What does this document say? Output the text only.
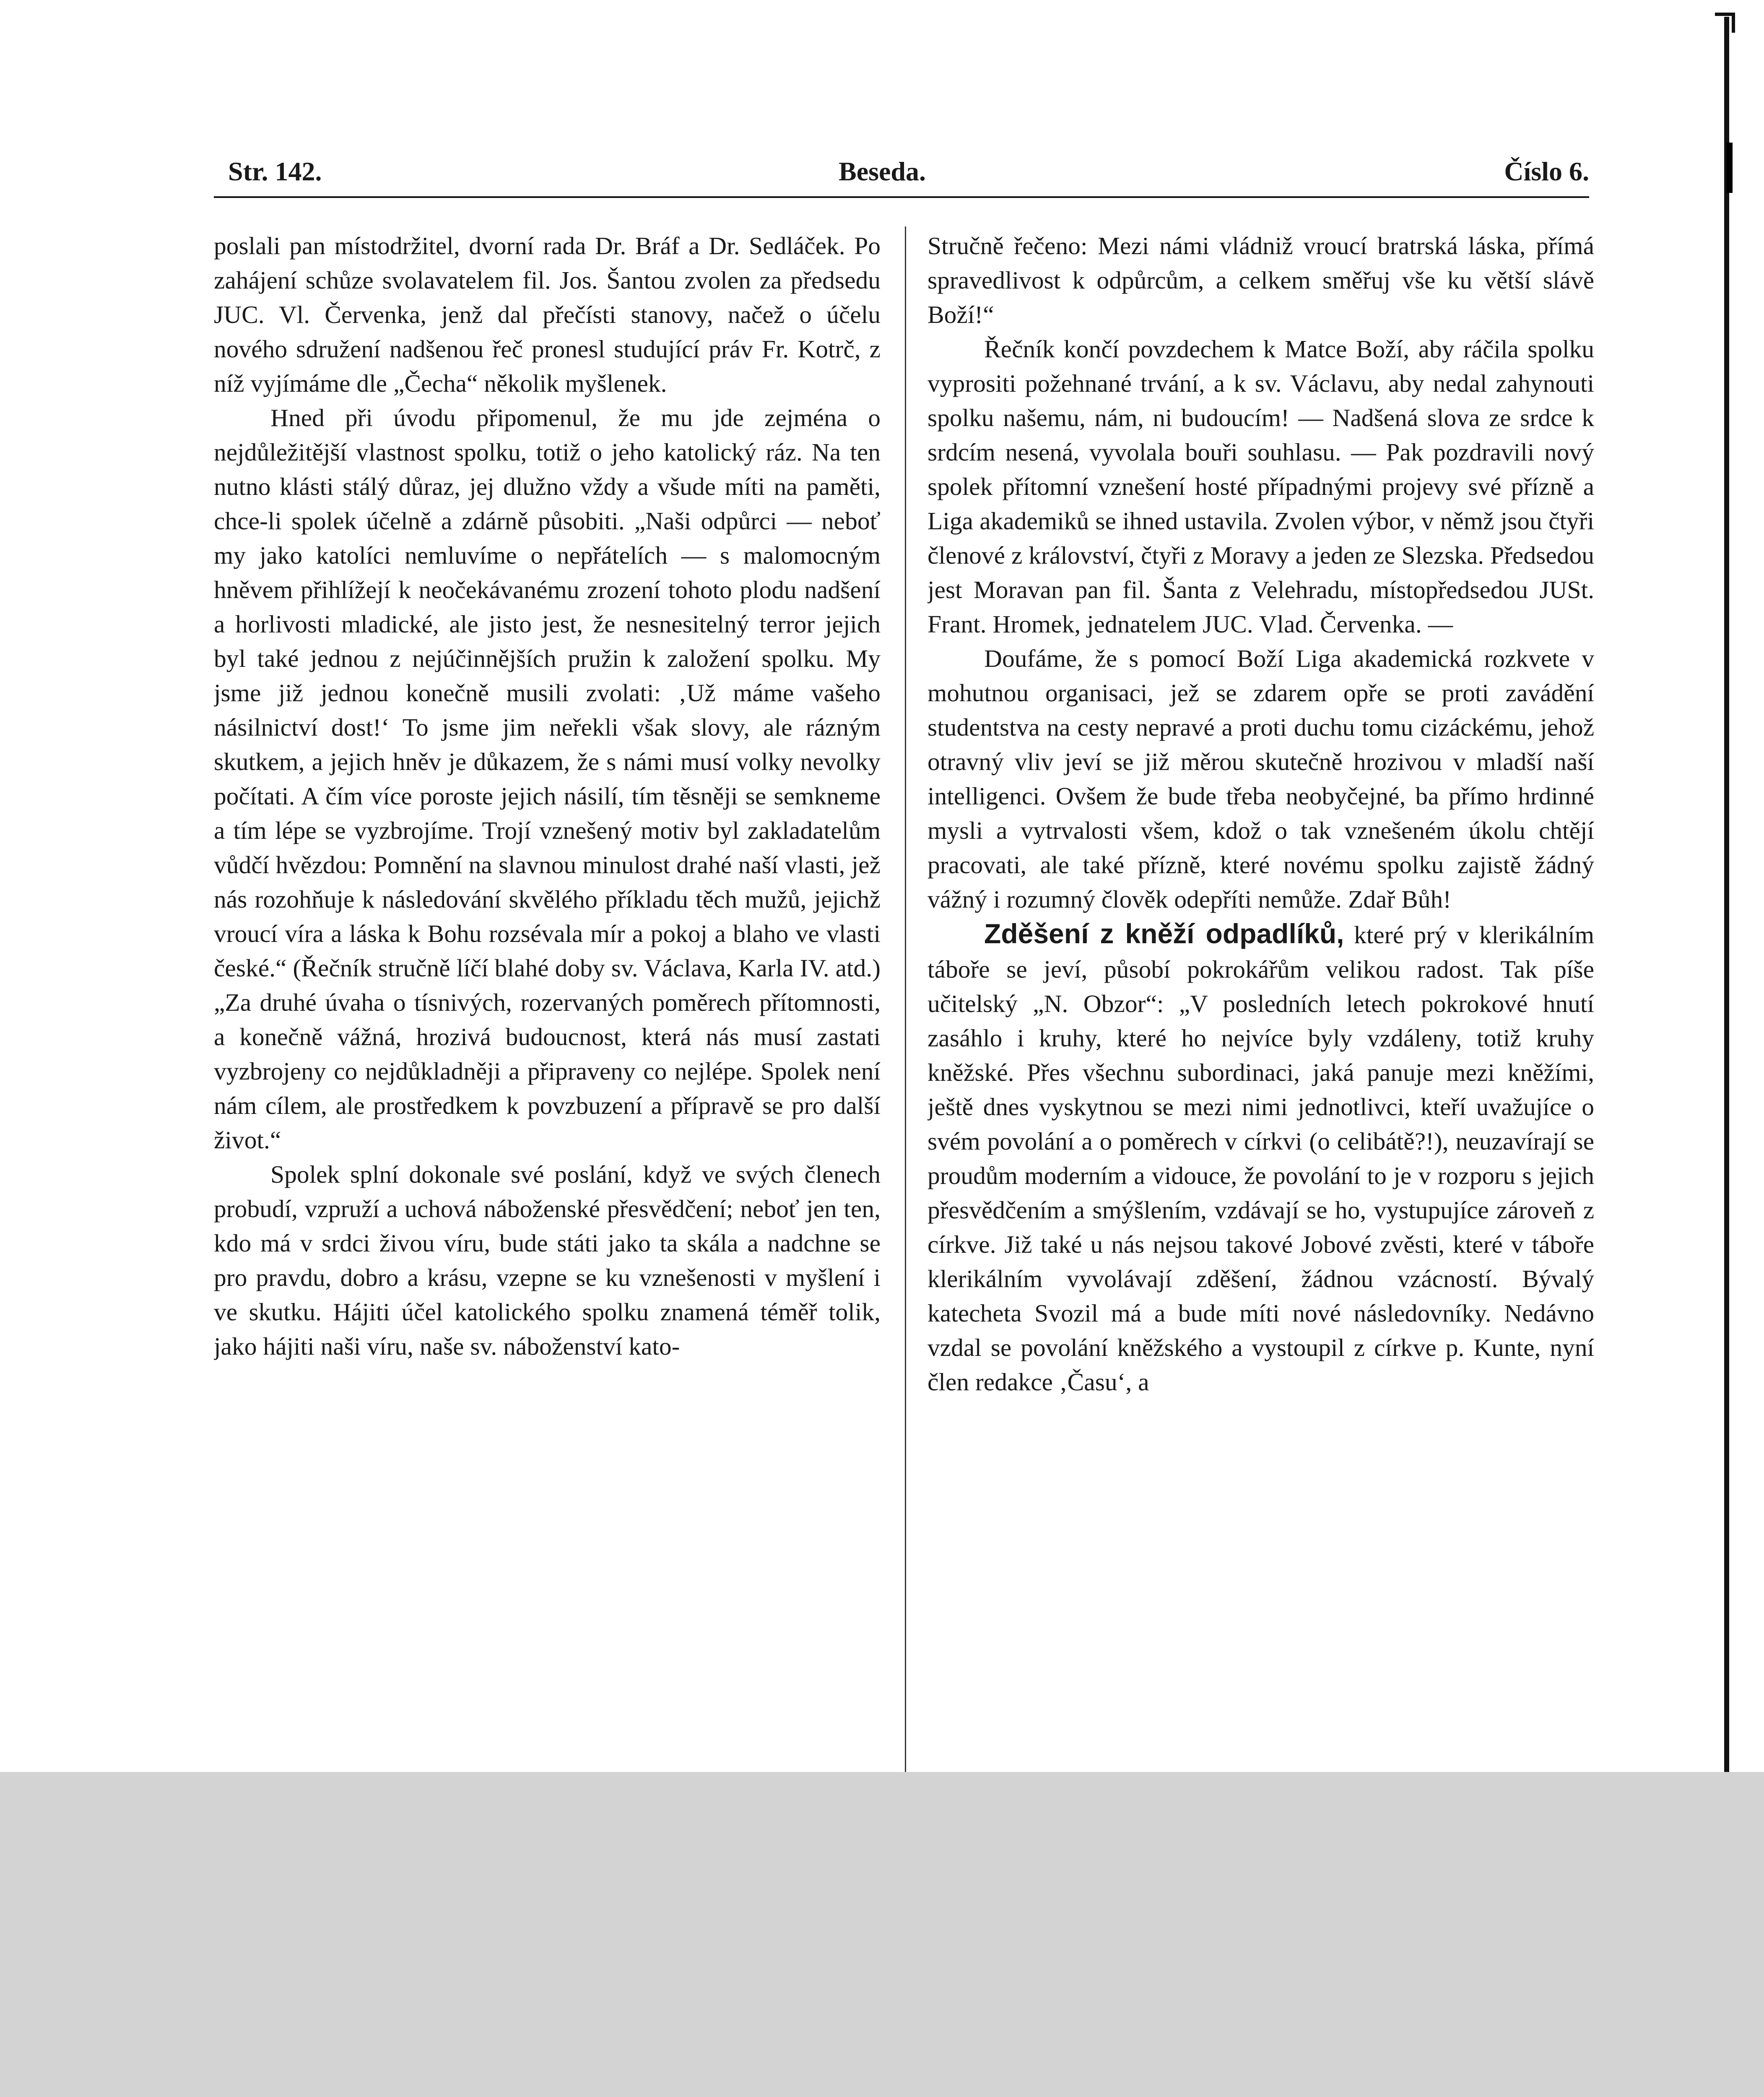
Str. 142.	Beseda.	Číslo 6.

poslali pan místodržitel, dvorní rada Dr. Bráf a Dr. Sedláček. Po zahájení schůze svolavatelem fil. Jos. Šantou zvolen za předsedu JUC. Vl. Červenka, jenž dal přečísti stanovy, načež o účelu nového sdružení nadšenou řeč pronesl studující práv Fr. Kotrč, z níž vyjímáme dle „Čecha“ několik myšlenek.

Hned při úvodu připomenul, že mu jde zejména o nejdůležitější vlastnost spolku, totiž o jeho katolický ráz. Na ten nutno klásti stálý důraz, jej dlužno vždy a všude míti na paměti, chce-li spolek účelně a zdárně působiti. „Naši odpůrci — neboť my jako katolíci nemluvíme o nepřátelích — s malomocným hněvem přihlížejí k neočekávanému zrození tohoto plodu nadšení a horlivosti mladické, ale jisto jest, že nesnesitelný terror jejich byl také jednou z nejúčinnějších pružin k založení spolku. My jsme již jednou konečně musili zvolati: ‚Už máme vašeho násilnictví dost!‘ To jsme jim neřekli však slovy, ale rázným skutkem, a jejich hněv je důkazem, že s námi musí volky nevolky počítati. A čím více poroste jejich násilí, tím těsněji se semkneme a tím lépe se vyzbrojíme. Trojí vznešený motiv byl zakladatelům vůdčí hvězdou: Pomnění na slavnou minulost drahé naší vlasti, jež nás rozohňuje k následování skvělého příkladu těch mužů, jejichž vroucí víra a láska k Bohu rozsévala mír a pokoj a blaho ve vlasti české.“ (Řečník stručně líčí blahé doby sv. Václava, Karla IV. atd.) „Za druhé úvaha o tísnivých, rozervaných poměrech přítomnosti, a konečně vážná, hrozivá budoucnost, která nás musí zastati vyzbrojeny co nejdůkladněji a připraveny co nejlépe. Spolek není nám cílem, ale prostředkem k povzbuzení a přípravě se pro další život.“

Spolek splní dokonale své poslání, když ve svých členech probudí, vzpruží a uchová náboženské přesvědčení; neboť jen ten, kdo má v srdci živou víru, bude státi jako ta skála a nadchne se pro pravdu, dobro a krásu, vzepne se ku vznešenosti v myšlení i ve skutku. Hájiti účel katolického spolku znamená téměř tolik, jako hájiti naši víru, naše sv. náboženství kato-

Stručně řečeno: Mezi námi vládniž vroucí bratrská láska, přímá spravedlivost k odpůrcům, a celkem směřuj vše ku větší slávě Boží!“

Řečník končí povzdechem k Matce Boží, aby ráčila spolku vyprositi požehnané trvání, a k sv. Václavu, aby nedal zahynouti spolku našemu, nám, ni budoucím! — Nadšená slova ze srdce k srdcím nesená, vyvolala bouři souhlasu. — Pak pozdravili nový spolek přítomní vznešení hosté případnými projevy své přízně a Liga akademiků se ihned ustavila. Zvolen výbor, v němž jsou čtyři členové z království, čtyři z Moravy a jeden ze Slezska. Předsedou jest Moravan pan fil. Šanta z Velehradu, místopředsedou JUSt. Frant. Hromek, jednatelem JUC. Vlad. Červenka. —

Doufáme, že s pomocí Boží Liga akademická rozkvete v mohutnou organisaci, jež se zdarem opře se proti zavádění studentstva na cesty nepravé a proti duchu tomu cizáckému, jehož otravný vliv jeví se již měrou skutečně hrozivou v mladší naší intelligenci. Ovšem že bude třeba neobyčejné, ba přímo hrdinné mysli a vytrvalosti všem, kdož o tak vznešeném úkolu chtějí pracovati, ale také přízně, které novému spolku zajistě žádný vážný i rozumný člověk odepříti nemůže. Zdař Bůh!

Zděšení z kněží odpadlíků, které prý v klerikálním táboře se jeví, působí pokrokářům velikou radost. Tak píše učitelský „N. Obzor“: „V posledních letech pokrokové hnutí zasáhlo i kruhy, které ho nejvíce byly vzdáleny, totiž kruhy kněžské. Přes všechnu subordinaci, jaká panuje mezi kněžími, ještě dnes vyskytnou se mezi nimi jednotlivci, kteří uvažujíce o svém povolání a o poměrech v církvi (o celibátě?!), neuzavírají se proudům moderním a vidouce, že povolání to je v rozporu s jejich přesvědčením a smýšlením, vzdávají se ho, vystupujíce zároveň z církve. Již také u nás nejsou takové Jobové zvěsti, které v táboře klerikálním vyvolávají zděšení, žádnou vzácností. Bývalý katecheta Svozil má a bude míti nové následovníky. Nedávno vzdal se povolání kněžského a vystoupil z církve p. Kunte, nyní člen redakce ‚Času‘, a
